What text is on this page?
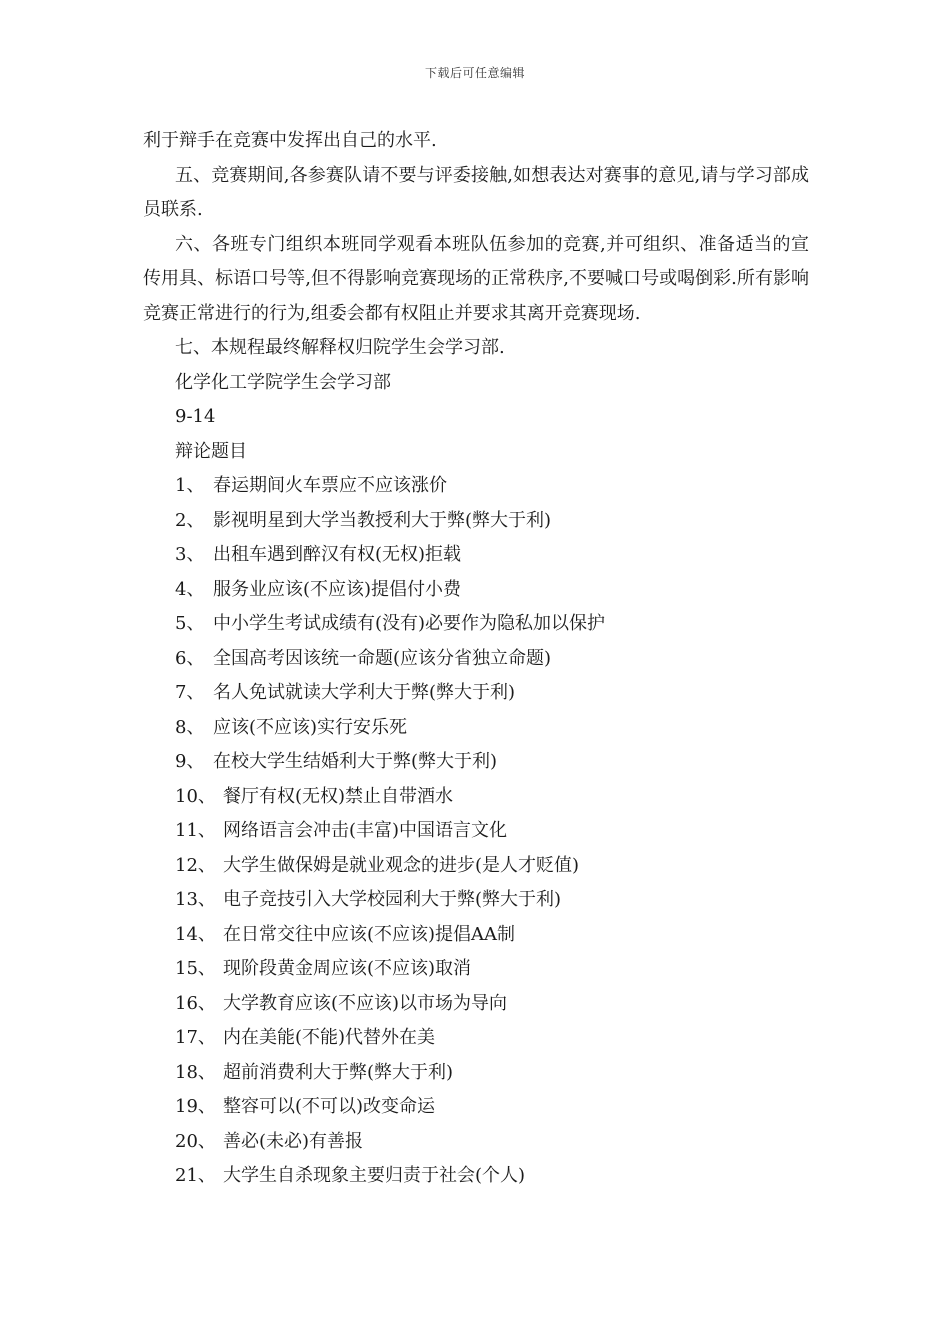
下载后可任意编辑

利于辩手在竞赛中发挥出自己的水平.

五、竞赛期间,各参赛队请不要与评委接触,如想表达对赛事的意见,请与学习部成员联系.

六、各班专门组织本班同学观看本班队伍参加的竞赛,并可组织、准备适当的宣传用具、标语口号等,但不得影响竞赛现场的正常秩序,不要喊口号或喝倒彩.所有影响竞赛正常进行的行为,组委会都有权阻止并要求其离开竞赛现场.

七、本规程最终解释权归院学生会学习部.

化学化工学院学生会学习部

9-14

辩论题目

1、 春运期间火车票应不应该涨价
2、 影视明星到大学当教授利大于弊(弊大于利)
3、 出租车遇到醉汉有权(无权)拒载
4、 服务业应该(不应该)提倡付小费
5、 中小学生考试成绩有(没有)必要作为隐私加以保护
6、 全国高考因该统一命题(应该分省独立命题)
7、 名人免试就读大学利大于弊(弊大于利)
8、 应该(不应该)实行安乐死
9、 在校大学生结婚利大于弊(弊大于利)
10、 餐厅有权(无权)禁止自带酒水
11、 网络语言会冲击(丰富)中国语言文化
12、 大学生做保姆是就业观念的进步(是人才贬值)
13、 电子竞技引入大学校园利大于弊(弊大于利)
14、 在日常交往中应该(不应该)提倡AA制
15、 现阶段黄金周应该(不应该)取消
16、 大学教育应该(不应该)以市场为导向
17、 内在美能(不能)代替外在美
18、 超前消费利大于弊(弊大于利)
19、 整容可以(不可以)改变命运
20、 善必(未必)有善报
21、 大学生自杀现象主要归责于社会(个人)
